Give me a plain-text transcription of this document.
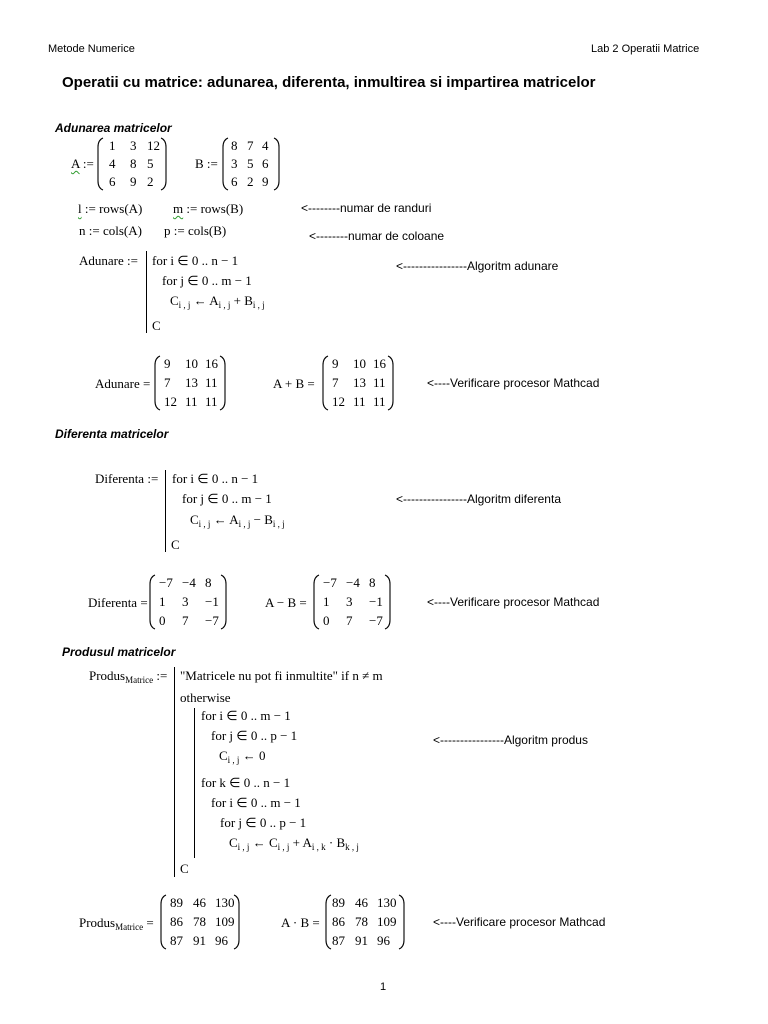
Metode Numerice	Lab 2 Operatii Matrice
Operatii cu matrice: adunarea, diferenta, inmultirea si impartirea matricelor
Adunarea matricelor
A :=
1 3 12
4 8 5
6 9 2
B :=
8 7 4
3 5 6
6 2 9
l := rows(A) m := rows(B)	<--------numar de randuri
n := cols(A) p := cols(B)	<--------numar de coloane
Adunare := for i ∈ 0 .. n − 1
for j ∈ 0 .. m − 1
$C_{i , j}$ ← $A_{i , j} + B_{i , j}$
C
<----------------Algoritm adunare
Adunare =
9 10 16
7 13 11
12 11 11
A + B =
9 10 16
7 13 11
12 11 11
<----Verificare procesor Mathcad
Diferenta matricelor
Diferenta := for i ∈ 0 .. n − 1
for j ∈ 0 .. m − 1
$C_{i , j}$ ← $A_{i , j} - B_{i , j}$
C
<----------------Algoritm diferenta
Diferenta =
−7 −4 8
1 3 −1
0 7 −7
A − B =
−7 −4 8
1 3 −1
0 7 −7
<----Verificare procesor Mathcad
Produsul matricelor
Produs$_{Matrice}$ := "Matricele nu pot fi inmultite" if n ≠ m
otherwise
for i ∈ 0 .. m − 1
for j ∈ 0 .. p − 1
$C_{i , j}$ ← 0
for k ∈ 0 .. n − 1
for i ∈ 0 .. m − 1
for j ∈ 0 .. p − 1
$C_{i , j}$ ← $C_{i , j} + A_{i , k} \cdot B_{k , j}$
C
<----------------Algoritm produs
Produs$_{Matrice}$ =
89 46 130
86 78 109
87 91 96
A · B =
89 46 130
86 78 109
87 91 96
<----Verificare procesor Mathcad
1
